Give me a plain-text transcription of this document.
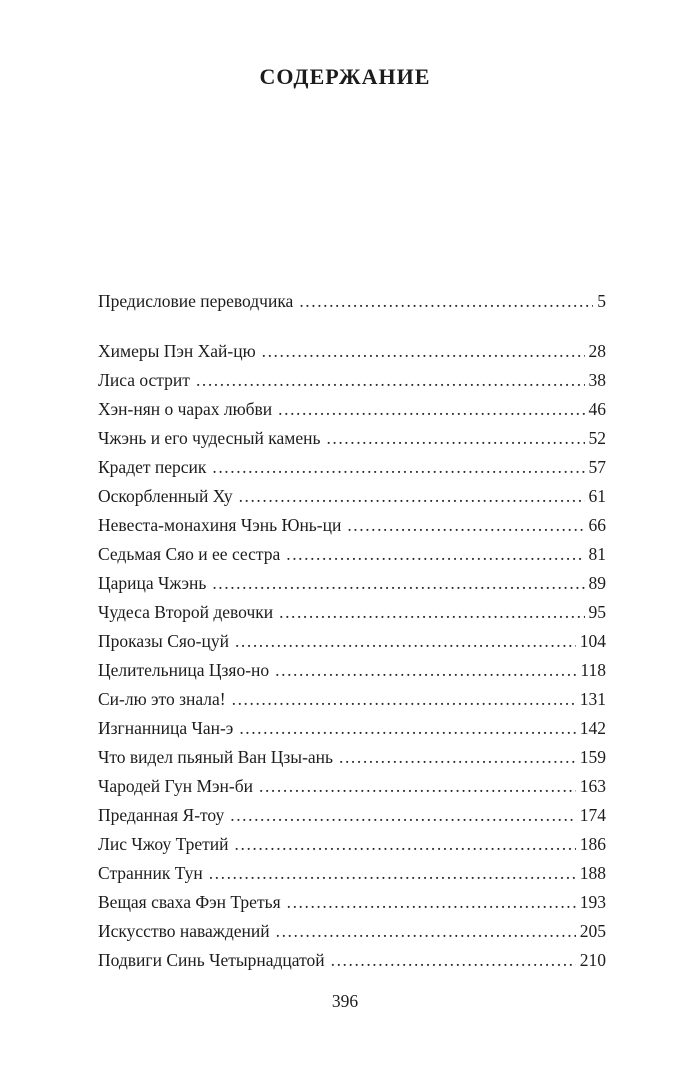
СОДЕРЖАНИЕ
Предисловие переводчика . . .	5
Химеры Пэн Хай-цю . . .	28
Лиса острит . . .	38
Хэн-нян о чарах любви . . .	46
Чжэнь и его чудесный камень . . .	52
Крадет персик . . .	57
Оскорбленный Ху . . .	61
Невеста-монахиня Чэнь Юнь-ци . . .	66
Седьмая Сяо и ее сестра . . .	81
Царица Чжэнь . . .	89
Чудеса Второй девочки . . .	95
Проказы Сяо-цуй . . .	104
Целительница Цзяо-но . . .	118
Си-лю это знала! . . .	131
Изгнанница Чан-э . . .	142
Что видел пьяный Ван Цзы-ань . . .	159
Чародей Гун Мэн-би . . .	163
Преданная Я-тоу . . .	174
Лис Чжоу Третий . . .	186
Странник Тун . . .	188
Вещая сваха Фэн Третья . . .	193
Искусство наваждений . . .	205
Подвиги Синь Четырнадцатой . . .	210
396
